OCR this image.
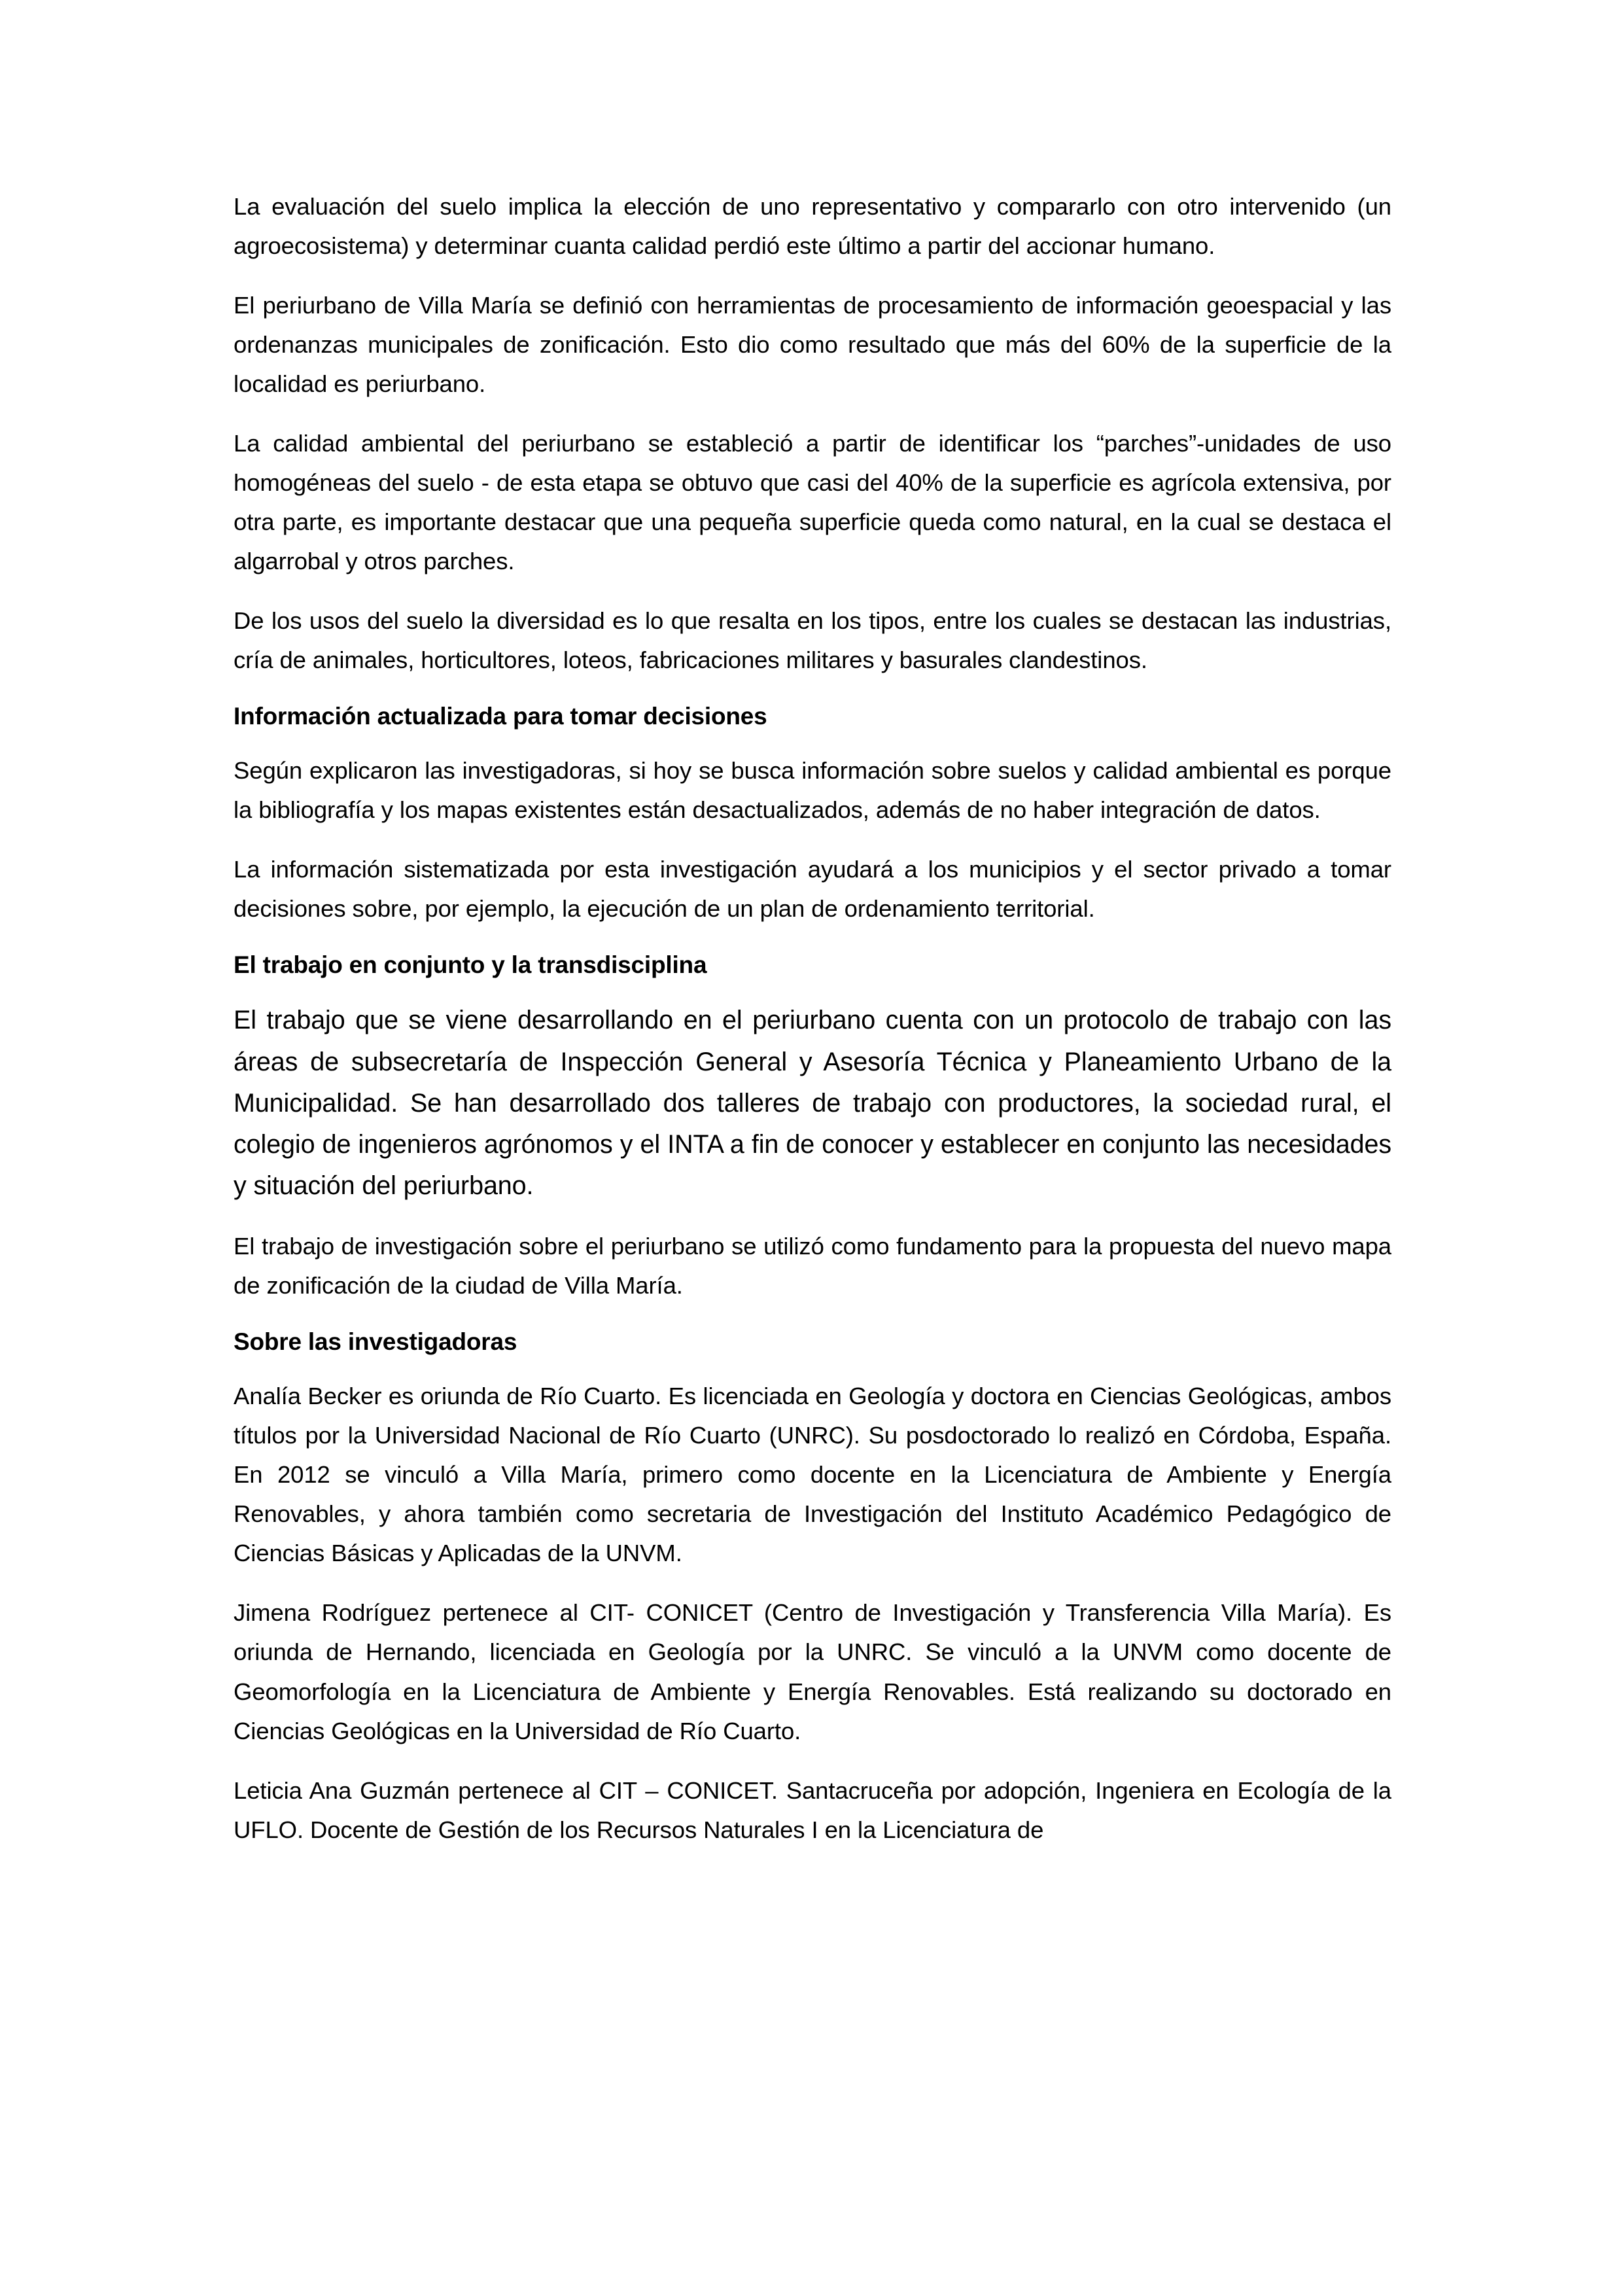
La evaluación del suelo implica la elección de uno representativo y compararlo con otro intervenido (un agroecosistema) y determinar cuanta calidad perdió este último a partir del accionar humano.

El periurbano de Villa María se definió con herramientas de procesamiento de información geoespacial y las ordenanzas municipales de zonificación. Esto dio como resultado que más del 60% de la superficie de la localidad es periurbano.

La calidad ambiental del periurbano se estableció a partir de identificar los “parches”-unidades de uso homogéneas del suelo - de esta etapa se obtuvo que casi del 40% de la superficie es agrícola extensiva, por otra parte, es importante destacar que una pequeña superficie queda como natural, en la cual se destaca el algarrobal y otros parches.

De los usos del suelo la diversidad es lo que resalta en los tipos, entre los cuales se destacan las industrias, cría de animales, horticultores, loteos, fabricaciones militares y basurales clandestinos.

Información actualizada para tomar decisiones

Según explicaron las investigadoras, si hoy se busca información sobre suelos y calidad ambiental es porque la bibliografía y los mapas existentes están desactualizados, además de no haber integración de datos.

La información sistematizada por esta investigación ayudará a los municipios y el sector privado a tomar decisiones sobre, por ejemplo, la ejecución de un plan de ordenamiento territorial.

El trabajo en conjunto y la transdisciplina

El trabajo que se viene desarrollando en el periurbano cuenta con un protocolo de trabajo con las áreas de subsecretaría de Inspección General y Asesoría Técnica y Planeamiento Urbano de la Municipalidad. Se han desarrollado dos talleres de trabajo con productores, la sociedad rural, el colegio de ingenieros agrónomos y el INTA a fin de conocer y establecer en conjunto las necesidades y situación del periurbano.

El trabajo de investigación sobre el periurbano se utilizó como fundamento para la propuesta del nuevo mapa de zonificación de la ciudad de Villa María.

Sobre las investigadoras

Analía Becker es oriunda de Río Cuarto. Es licenciada en Geología y doctora en Ciencias Geológicas, ambos títulos por la Universidad Nacional de Río Cuarto (UNRC). Su posdoctorado lo realizó en Córdoba, España. En 2012 se vinculó a Villa María, primero como docente en la Licenciatura de Ambiente y Energía Renovables, y ahora también como secretaria de Investigación del Instituto Académico Pedagógico de Ciencias Básicas y Aplicadas de la UNVM.

Jimena Rodríguez pertenece al CIT- CONICET (Centro de Investigación y Transferencia Villa María). Es oriunda de Hernando, licenciada en Geología por la UNRC. Se vinculó a la UNVM como docente de Geomorfología en la Licenciatura de Ambiente y Energía Renovables. Está realizando su doctorado en Ciencias Geológicas en la Universidad de Río Cuarto.

Leticia Ana Guzmán pertenece al CIT – CONICET. Santacruceña por adopción, Ingeniera en Ecología de la UFLO. Docente de Gestión de los Recursos Naturales I en la Licenciatura de
